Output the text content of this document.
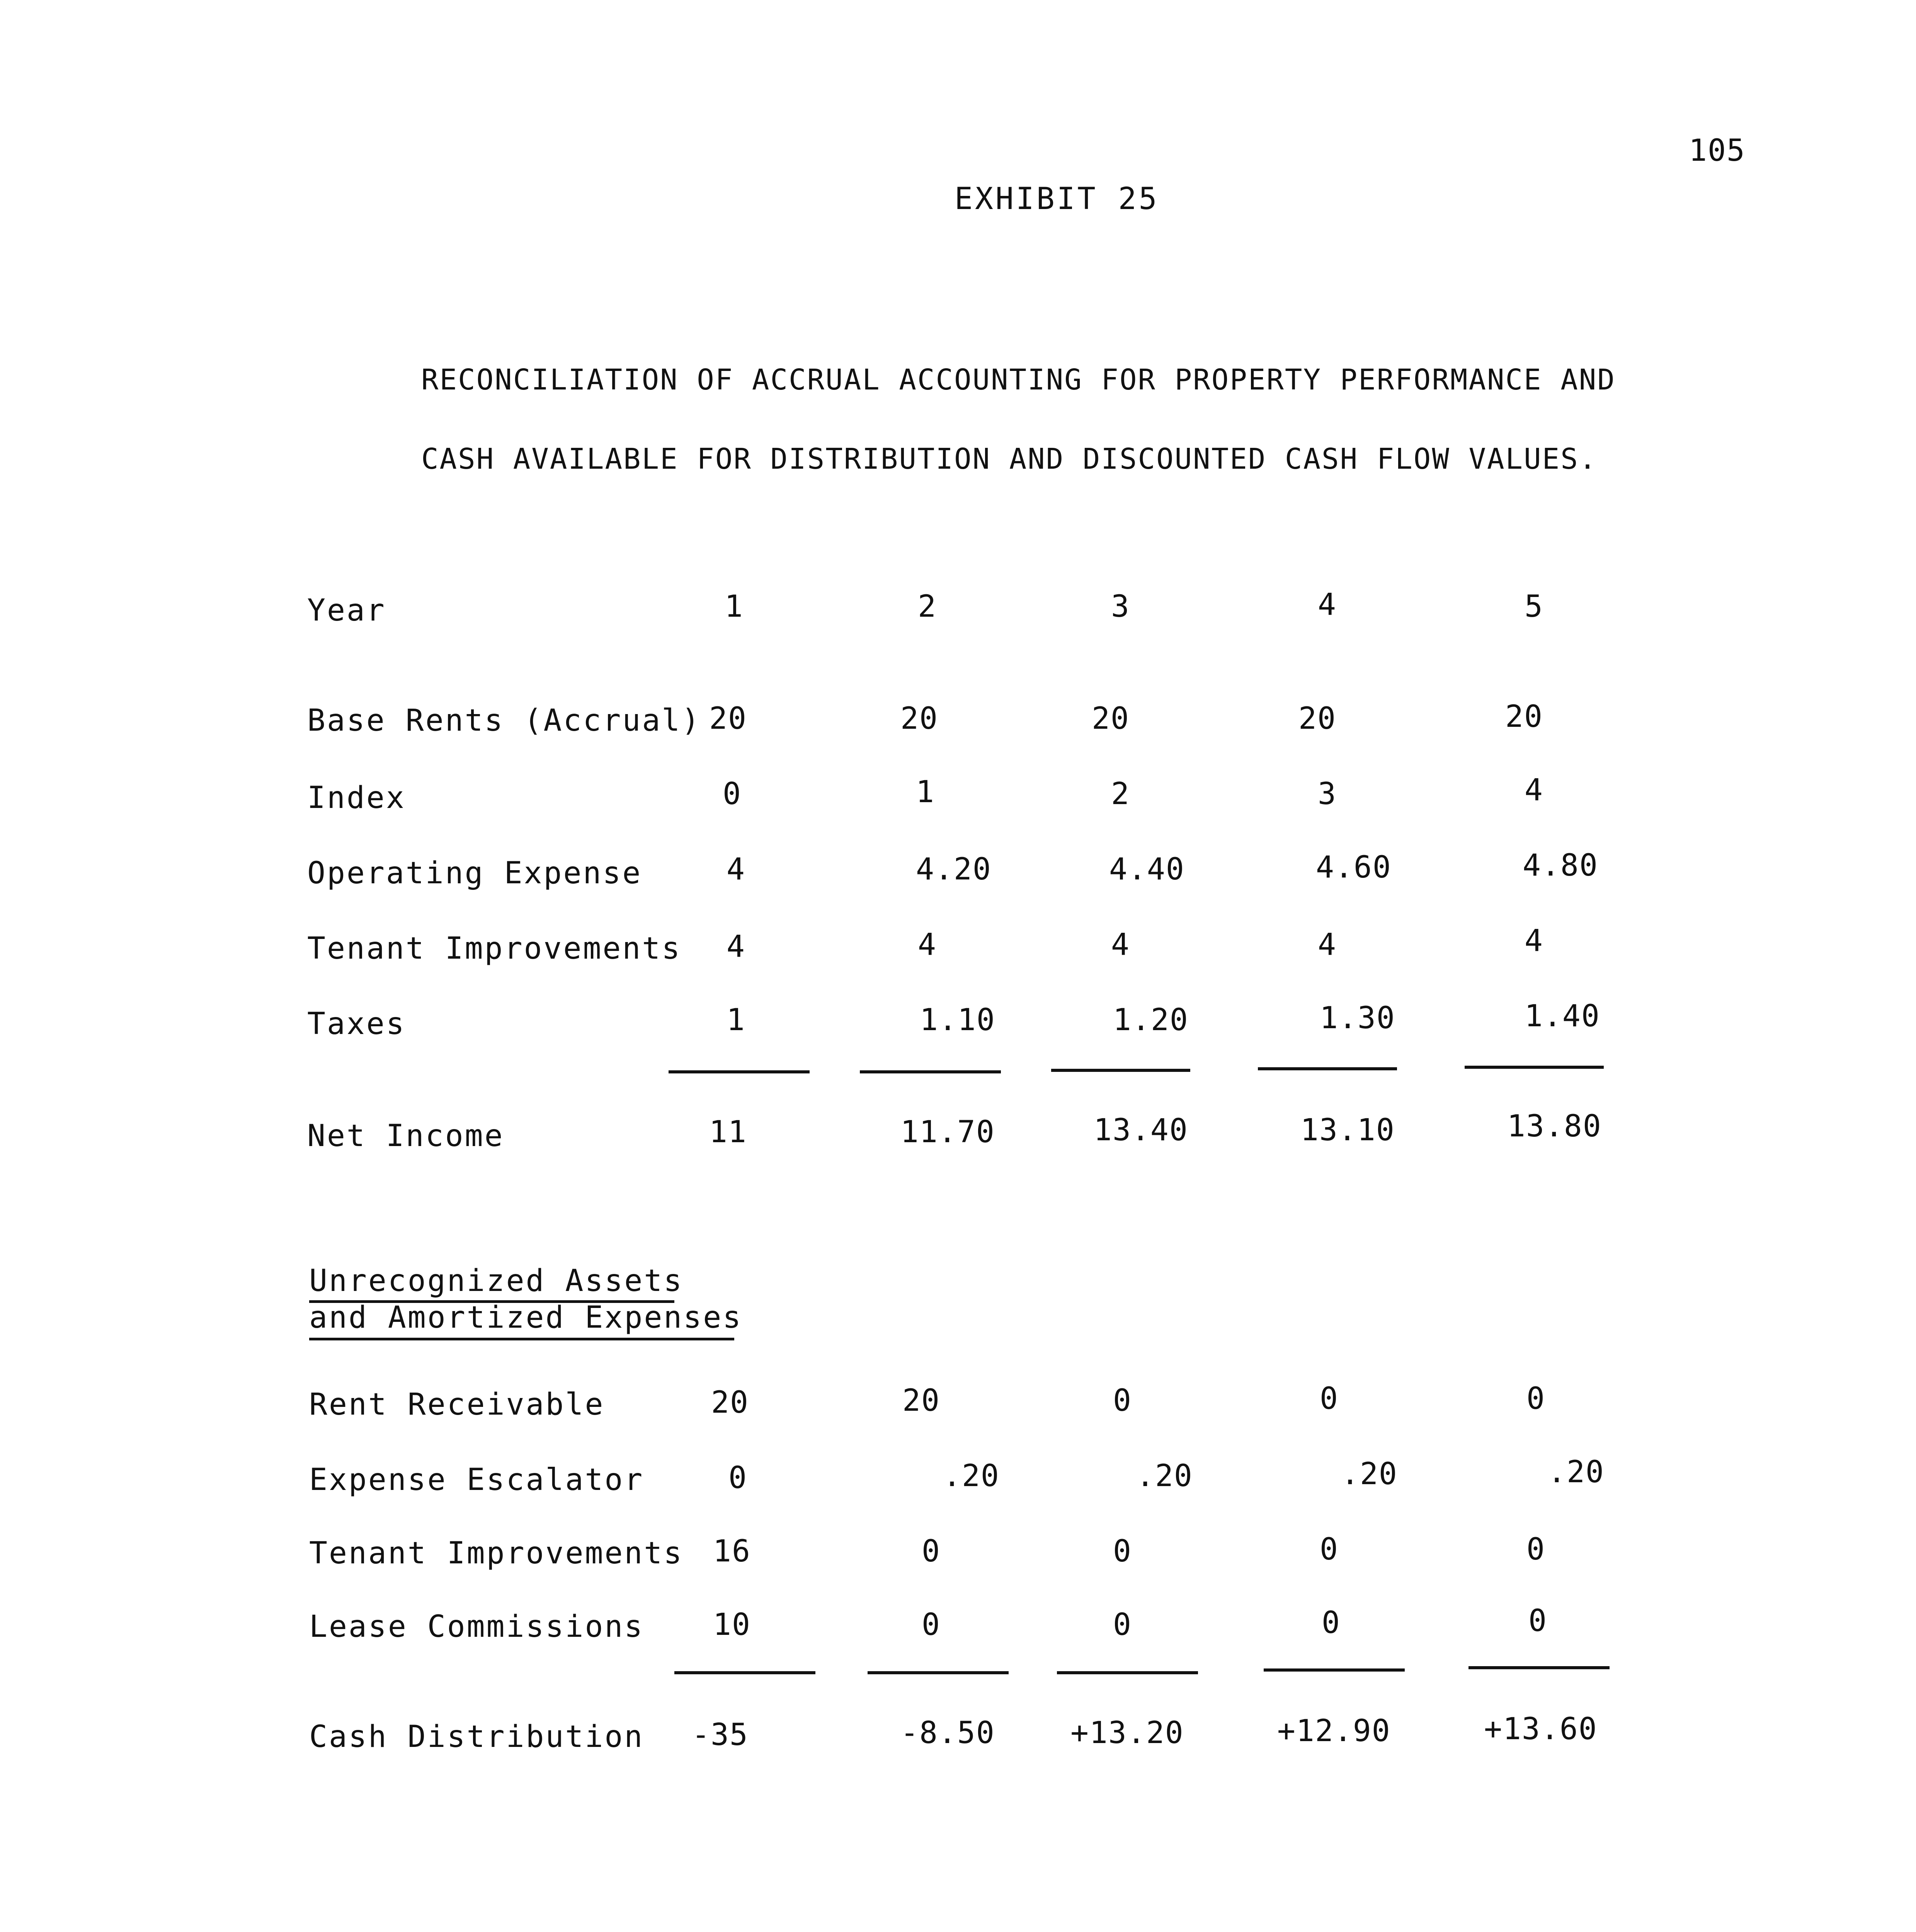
105
EXHIBIT 25
RECONCILIATION OF ACCRUAL ACCOUNTING FOR PROPERTY PERFORMANCE AND
CASH AVAILABLE FOR DISTRIBUTION AND DISCOUNTED CASH FLOW VALUES.
Year	1	2	3	4	5
Base Rents (Accrual) 20	20	20	20	20
Index	0	1	2	3	4
Operating Expense	4	4.20	4.40	4.60	4.80
Tenant Improvements 4	4	4	4	4
Taxes	1	1.10	1.20	1.30	1.40
Net Income	11	11.70	13.40	13.10	13.80
Unrecognized Assets
and Amortized Expenses
Rent Receivable	20	20	0	0	0
Expense Escalator	0	.20	.20	.20	.20
Tenant Improvements 16	0	0	0	0
Lease Commissions 10	0	0	0	0
Cash Distribution -35	-8.50	+13.20	+12.90	+13.60
